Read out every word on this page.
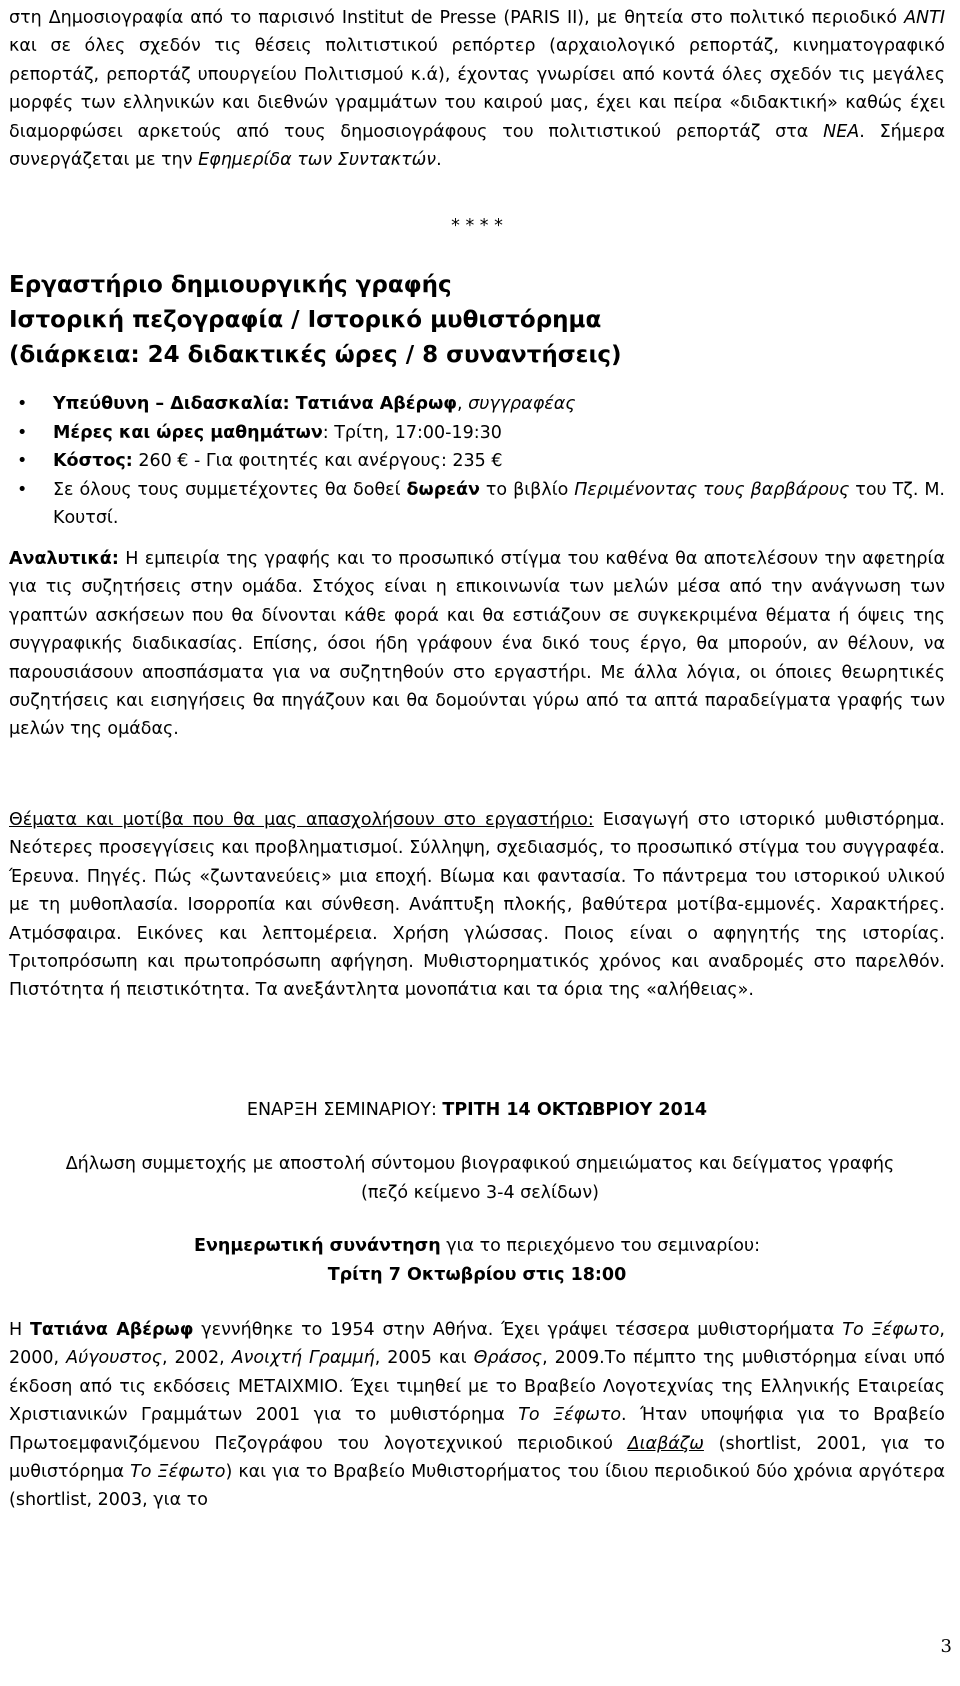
στη Δημοσιογραφία από το παρισινό Institut de Presse (PARIS II), με θητεία στο πολιτικό περιοδικό ΑΝΤΙ και σε όλες σχεδόν τις θέσεις πολιτιστικού ρεπόρτερ (αρχαιολογικό ρεπορτάζ, κινηματογραφικό ρεπορτάζ, ρεπορτάζ υπουργείου Πολιτισμού κ.ά), έχοντας γνωρίσει από κοντά όλες σχεδόν τις μεγάλες μορφές των ελληνικών και διεθνών γραμμάτων του καιρού μας, έχει και πείρα «διδακτική» καθώς έχει διαμορφώσει αρκετούς από τους δημοσιογράφους του πολιτιστικού ρεπορτάζ στα ΝΕΑ. Σήμερα συνεργάζεται με την Εφημερίδα των Συντακτών.
* * * *

Εργαστήριο δημιουργικής γραφής

Ιστορική πεζογραφία / Ιστορικό μυθιστόρημα

(διάρκεια: 24 διδακτικές ώρες / 8 συναντήσεις)

• Υπεύθυνη – Διδασκαλία: Τατιάνα Αβέρωφ, συγγραφέας
• Μέρες και ώρες μαθημάτων: Τρίτη, 17:00-19:30
• Κόστος: 260 € - Για φοιτητές και ανέργους: 235 €
• Σε όλους τους συμμετέχοντες θα δοθεί δωρεάν το βιβλίο Περιμένοντας τους βαρβάρους του Τζ. Μ. Κουτσί.
Αναλυτικά: Η εμπειρία της γραφής και το προσωπικό στίγμα του καθένα θα αποτελέσουν την αφετηρία για τις συζητήσεις στην ομάδα. Στόχος είναι η επικοινωνία των μελών μέσα από την ανάγνωση των γραπτών ασκήσεων που θα δίνονται κάθε φορά και θα εστιάζουν σε συγκεκριμένα θέματα ή όψεις της συγγραφικής διαδικασίας. Επίσης, όσοι ήδη γράφουν ένα δικό τους έργο, θα μπορούν, αν θέλουν, να παρουσιάσουν αποσπάσματα για να συζητηθούν στο εργαστήρι. Με άλλα λόγια, οι όποιες θεωρητικές συζητήσεις και εισηγήσεις θα πηγάζουν και θα δομούνται γύρω από τα απτά παραδείγματα γραφής των μελών της ομάδας.
Θέματα και μοτίβα που θα μας απασχολήσουν στο εργαστήριο: Εισαγωγή στο ιστορικό μυθιστόρημα. Νεότερες προσεγγίσεις και προβληματισμοί. Σύλληψη, σχεδιασμός, το προσωπικό στίγμα του συγγραφέα. Έρευνα. Πηγές. Πώς «ζωντανεύεις» μια εποχή. Βίωμα και φαντασία. Το πάντρεμα του ιστορικού υλικού με τη μυθοπλασία. Ισορροπία και σύνθεση. Ανάπτυξη πλοκής, βαθύτερα μοτίβα-εμμονές. Χαρακτήρες. Ατμόσφαιρα. Εικόνες και λεπτομέρεια. Χρήση γλώσσας. Ποιος είναι ο αφηγητής της ιστορίας. Τριτοπρόσωπη και πρωτοπρόσωπη αφήγηση. Μυθιστορηματικός χρόνος και αναδρομές στο παρελθόν. Πιστότητα ή πειστικότητα. Τα ανεξάντλητα μονοπάτια και τα όρια της «αλήθειας».
ΕΝΑΡΞΗ ΣΕΜΙΝΑΡΙΟΥ: ΤΡΙΤΗ 14 ΟΚΤΩΒΡΙΟΥ 2014
Δήλωση συμμετοχής με αποστολή σύντομου βιογραφικού σημειώματος και δείγματος γραφής (πεζό κείμενο 3-4 σελίδων)
Ενημερωτική συνάντηση για το περιεχόμενο του σεμιναρίου:
Τρίτη 7 Οκτωβρίου στις 18:00
Η Τατιάνα Αβέρωφ γεννήθηκε το 1954 στην Αθήνα. Έχει γράψει τέσσερα μυθιστορήματα Το Ξέφωτο, 2000, Αύγουστος, 2002, Ανοιχτή Γραμμή, 2005 και Θράσος, 2009.Το πέμπτο της μυθιστόρημα είναι υπό έκδοση από τις εκδόσεις ΜΕΤΑΙΧΜΙΟ. Έχει τιμηθεί με το Βραβείο Λογοτεχνίας της Ελληνικής Εταιρείας Χριστιανικών Γραμμάτων 2001 για το μυθιστόρημα Το Ξέφωτο. Ήταν υποψήφια για το Βραβείο Πρωτοεμφανιζόμενου Πεζογράφου του λογοτεχνικού περιοδικού Διαβάζω (shortlist, 2001, για το μυθιστόρημα Το Ξέφωτο) και για το Βραβείο Μυθιστορήματος του ίδιου περιοδικού δύο χρόνια αργότερα (shortlist, 2003, για το
3
